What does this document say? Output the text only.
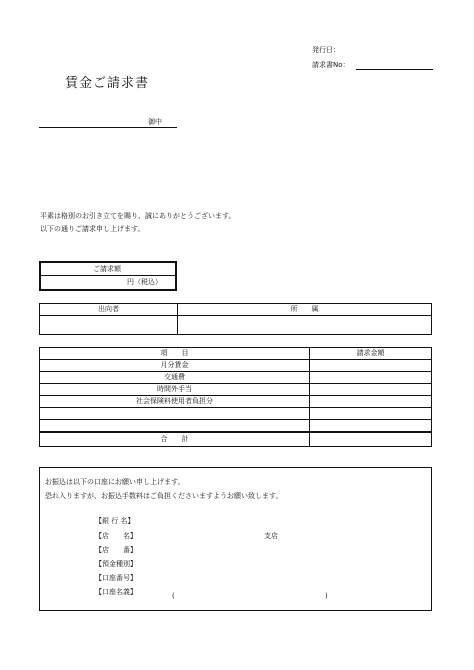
発行日：
請求書No：
賃金ご請求書
御中
平素は格別のお引き立てを賜り、誠にありがとうございます。
以下の通りご請求申し上げます。
ご請求額
円（税込）
出向者	所　　属
項　　目	請求金額
月分賃金
交通費
時間外手当
社会保険料使用者負担分
合　　計
お振込は以下の口座にお願い申し上げます。
恐れ入りますが、お振込手数料はご負担くださいますようお願い致します。
【銀 行 名】
【店　　名】	支店
【店　　番】
【預金種別】
【口座番号】
【口座名義】	(	)
